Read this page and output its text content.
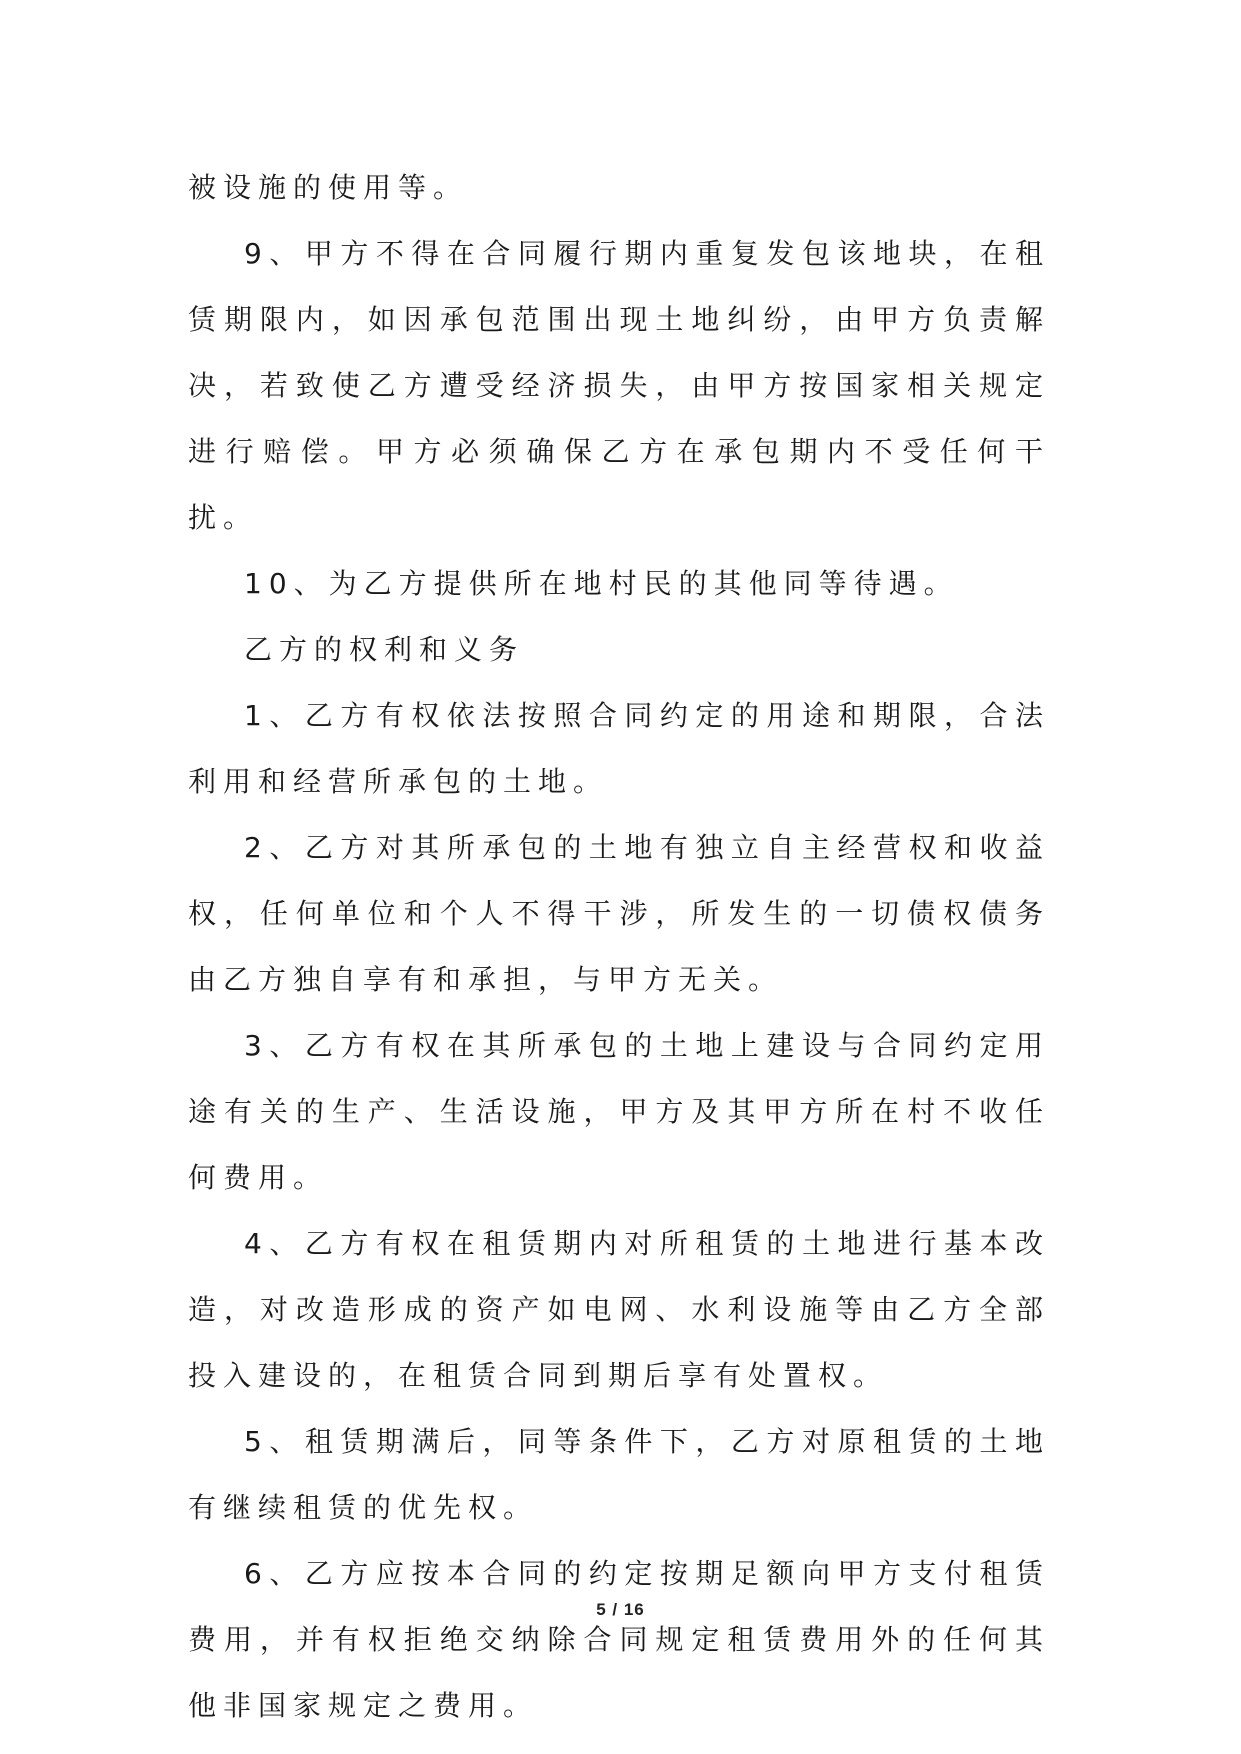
被设施的使用等。

9、甲方不得在合同履行期内重复发包该地块，在租赁期限内，如因承包范围出现土地纠纷，由甲方负责解决，若致使乙方遭受经济损失，由甲方按国家相关规定进行赔偿。甲方必须确保乙方在承包期内不受任何干扰。

10、为乙方提供所在地村民的其他同等待遇。

乙方的权利和义务

1、乙方有权依法按照合同约定的用途和期限，合法利用和经营所承包的土地。

2、乙方对其所承包的土地有独立自主经营权和收益权，任何单位和个人不得干涉，所发生的一切债权债务由乙方独自享有和承担，与甲方无关。

3、乙方有权在其所承包的土地上建设与合同约定用途有关的生产、生活设施，甲方及其甲方所在村不收任何费用。

4、乙方有权在租赁期内对所租赁的土地进行基本改造，对改造形成的资产如电网、水利设施等由乙方全部投入建设的，在租赁合同到期后享有处置权。

5、租赁期满后，同等条件下，乙方对原租赁的土地有继续租赁的优先权。

6、乙方应按本合同的约定按期足额向甲方支付租赁费用，并有权拒绝交纳除合同规定租赁费用外的任何其他非国家规定之费用。

5 / 16
